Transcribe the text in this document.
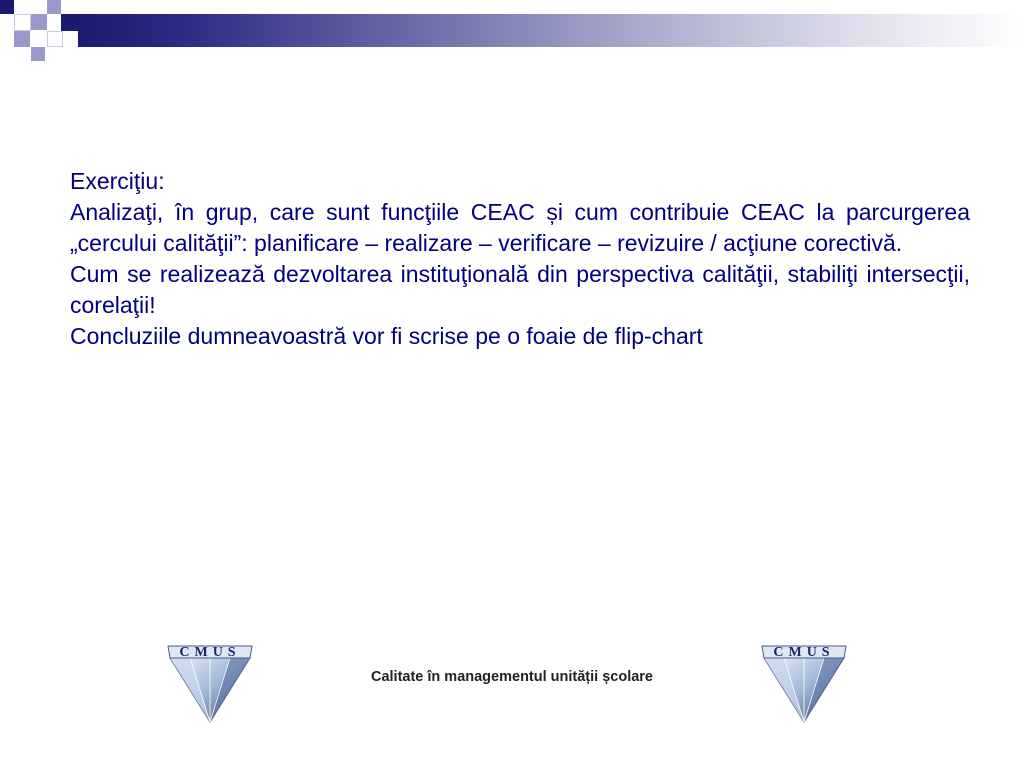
Exerciţiu:

Analizaţi, în grup, care sunt funcţiile CEAC și cum contribuie CEAC la parcurgerea „cercului calităţii”: planificare – realizare – verificare – revizuire / acţiune corectivă.

Cum se realizează dezvoltarea instituţională din perspectiva calităţii, stabiliţi intersecţii, corelaţii!

Concluziile dumneavoastră vor fi scrise pe o foaie de flip-chart

CMUS
Calitate în managementul unității școlare
CMUS
